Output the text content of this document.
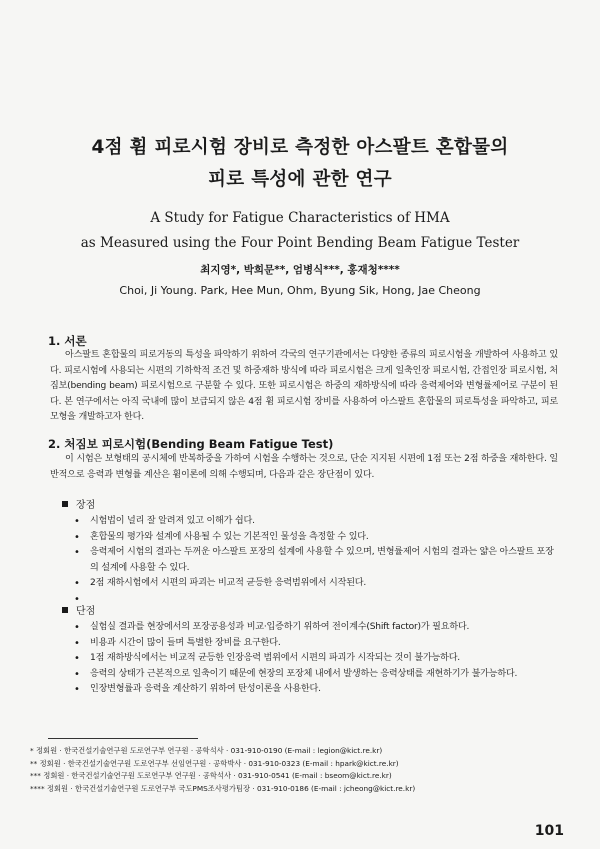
4점 휨 피로시험 장비로 측정한 아스팔트 혼합물의
피로 특성에 관한 연구
A Study for Fatigue Characteristics of HMA
as Measured using the Four Point Bending Beam Fatigue Tester
최지영*, 박희문**, 엄병식***, 홍재청****
Choi, Ji Young. Park, Hee Mun, Ohm, Byung Sik, Hong, Jae Cheong
1. 서론
아스팔트 혼합물의 피로거동의 특성을 파악하기 위하여 각국의 연구기관에서는 다양한 종류의 피로시험을 개발하여 사용하고 있다. 피로시험에 사용되는 시편의 기하학적 조건 및 하중재하 방식에 따라 피로시험은 크게 일축인장 피로시험, 간접인장 피로시험, 처짐보(bending beam) 피로시험으로 구분할 수 있다. 또한 피로시험은 하중의 재하방식에 따라 응력제어와 변형률제어로 구분이 된다. 본 연구에서는 아직 국내에 많이 보급되지 않은 4점 휨 피로시험 장비를 사용하여 아스팔트 혼합물의 피로특성을 파악하고, 피로모형을 개발하고자 한다.
2. 처짐보 피로시험(Bending Beam Fatigue Test)
이 시험은 보형태의 공시체에 반복하중을 가하여 시험을 수행하는 것으로, 단순 지지된 시편에 1점 또는 2점 하중을 재하한다. 일반적으로 응력과 변형률 계산은 휨이론에 의해 수행되며, 다음과 같은 장단점이 있다.
장점
• 시험법이 널리 잘 알려져 있고 이해가 쉽다.
• 혼합물의 평가와 설계에 사용될 수 있는 기본적인 물성을 측정할 수 있다.
• 응력제어 시험의 결과는 두꺼운 아스팔트 포장의 설계에 사용할 수 있으며, 변형률제어 시험의 결과는 얇은 아스팔트 포장의 설계에 사용할 수 있다.
• 2점 재하시험에서 시편의 파괴는 비교적 균등한 응력범위에서 시작된다.
•
단점
• 실험실 결과를 현장에서의 포장공용성과 비교·입증하기 위하여 전이계수(Shift factor)가 필요하다.
• 비용과 시간이 많이 들며 특별한 장비를 요구한다.
• 1점 재하방식에서는 비교적 균등한 인장응력 범위에서 시편의 파괴가 시작되는 것이 불가능하다.
• 응력의 상태가 근본적으로 일축이기 때문에 현장의 포장체 내에서 발생하는 응력상태를 재현하기가 불가능하다.
• 인장변형률과 응력을 계산하기 위하여 탄성이론을 사용한다.
* 정회원 · 한국건설기술연구원 도로연구부 연구원 · 공학석사 · 031-910-0190 (E-mail : legion@kict.re.kr)
** 정회원 · 한국건설기술연구원 도로연구부 선임연구원 · 공학박사 · 031-910-0323 (E-mail : hpark@kict.re.kr)
*** 정회원 · 한국건설기술연구원 도로연구부 연구원 · 공학석사 · 031-910-0541 (E-mail : bseom@kict.re.kr)
**** 정회원 · 한국건설기술연구원 도로연구부 국도PMS조사평가팀장 · 031-910-0186 (E-mail : jcheong@kict.re.kr)
101
